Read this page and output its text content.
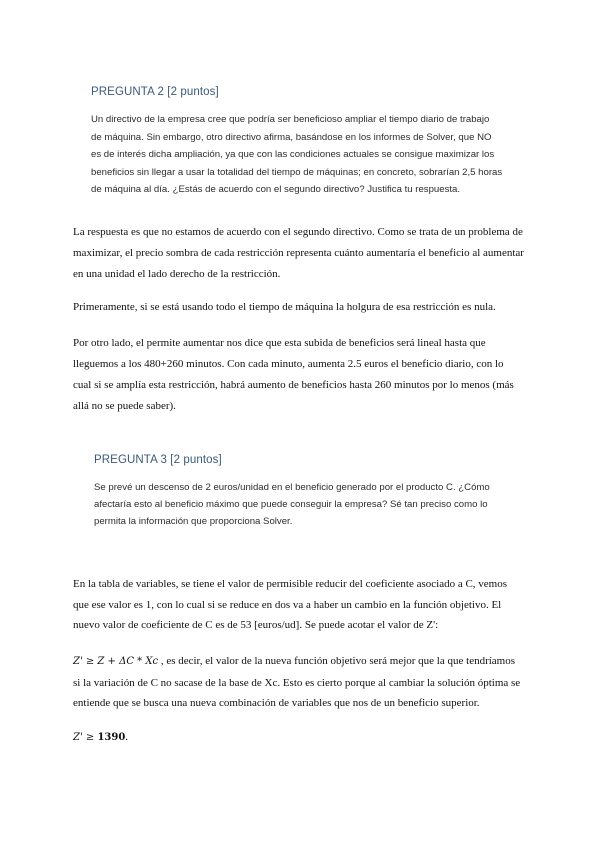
PREGUNTA 2 [2 puntos]
Un directivo de la empresa cree que podría ser beneficioso ampliar el tiempo diario de trabajo
de máquina. Sin embargo, otro directivo afirma, basándose en los informes de Solver, que NO
es de interés dicha ampliación, ya que con las condiciones actuales se consigue maximizar los
beneficios sin llegar a usar la totalidad del tiempo de máquinas; en concreto, sobrarían 2,5 horas
de máquina al día. ¿Estás de acuerdo con el segundo directivo? Justifica tu respuesta.
La respuesta es que no estamos de acuerdo con el segundo directivo. Como se trata de un problema de
maximizar, el precio sombra de cada restricción representa cuánto aumentaría el beneficio al aumentar
en una unidad el lado derecho de la restricción.
Primeramente, si se está usando todo el tiempo de máquina la holgura de esa restricción es nula.
Por otro lado, el permite aumentar nos dice que esta subida de beneficios será lineal hasta que
lleguemos a los 480+260 minutos. Con cada minuto, aumenta 2.5 euros el beneficio diario, con lo
cual si se amplía esta restricción, habrá aumento de beneficios hasta 260 minutos por lo menos (más
allá no se puede saber).
PREGUNTA 3 [2 puntos]
Se prevé un descenso de 2 euros/unidad en el beneficio generado por el producto C. ¿Cómo
afectaría esto al beneficio máximo que puede conseguir la empresa? Sé tan preciso como lo
permita la información que proporciona Solver.
En la tabla de variables, se tiene el valor de permisible reducir del coeficiente asociado a C, vemos
que ese valor es 1, con lo cual si se reduce en dos va a haber un cambio en la función objetivo. El
nuevo valor de coeficiente de C es de 53 [euros/ud]. Se puede acotar el valor de Z':
Z' ≥ Z + ΔC * Xc , es decir, el valor de la nueva función objetivo será mejor que la que tendríamos
si la variación de C no sacase de la base de Xc. Esto es cierto porque al cambiar la solución óptima se
entiende que se busca una nueva combinación de variables que nos de un beneficio superior.
Z' ≥ 1390.
